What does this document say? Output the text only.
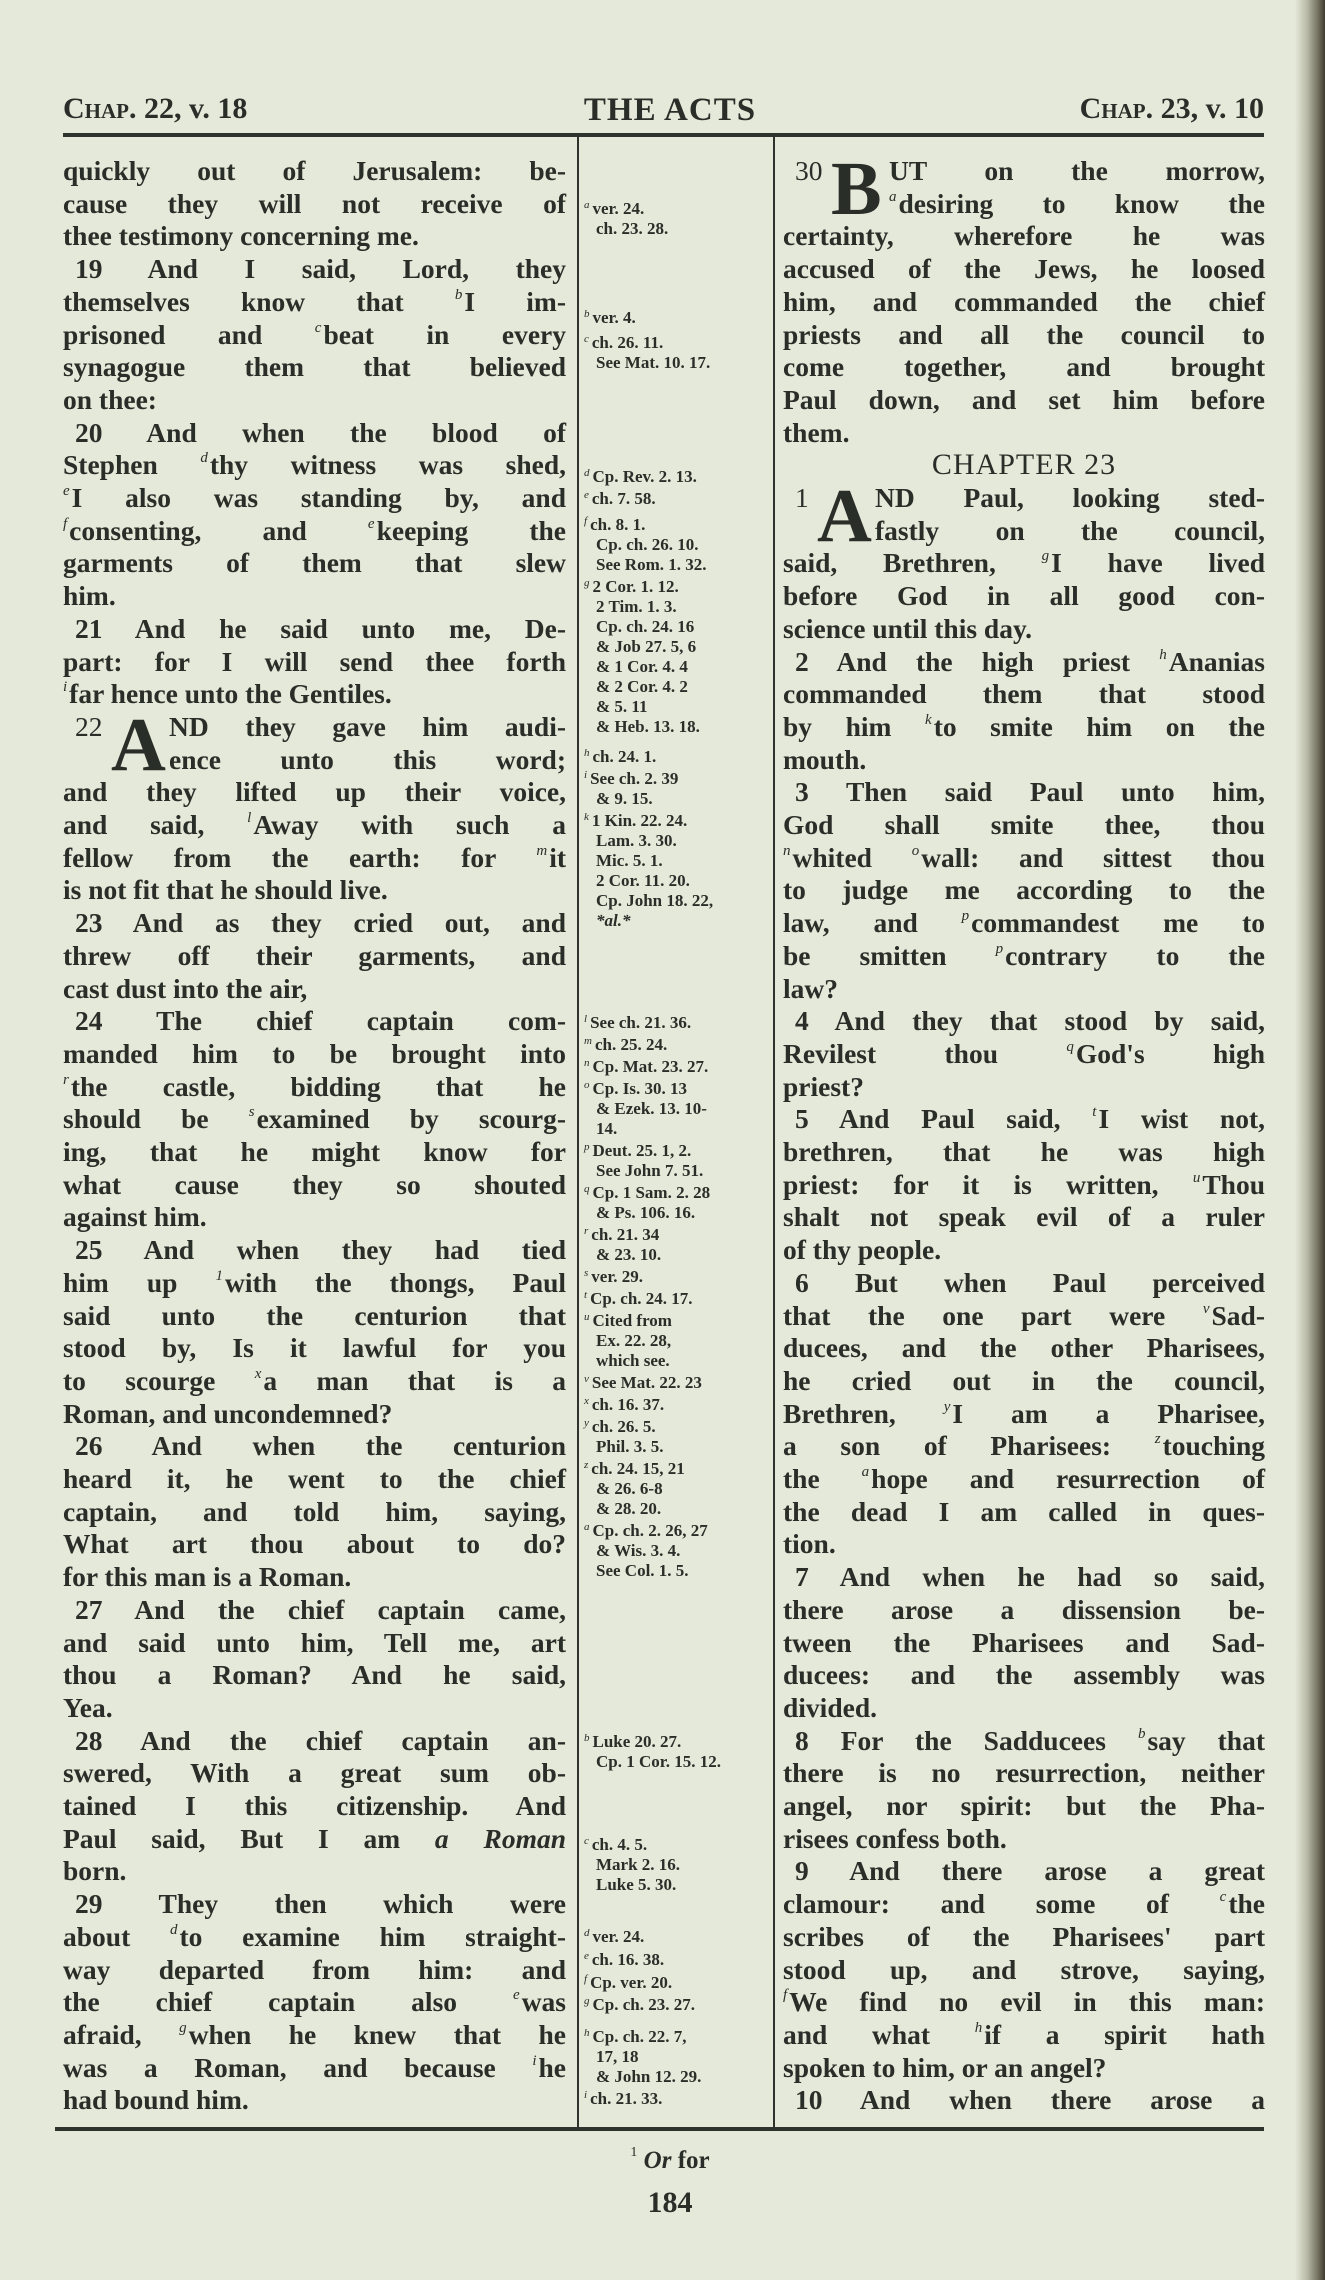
Chap. 22, v. 18	THE ACTS	Chap. 23, v. 10
quickly out of Jerusalem: be-
cause they will not receive of
thee testimony concerning me.
19 And I said, Lord, they
themselves know that $^b$I im-
prisoned and $^c$beat in every
synagogue them that believed
on thee:
20 And when the blood of
Stephen $^d$thy witness was shed,
$^e$I also was standing by, and
$^f$consenting, and $^e$keeping the
garments of them that slew
him.
21 And he said unto me, De-
part: for I will send thee forth
$^i$far hence unto the Gentiles.
22 A ND they gave him audi-
ence unto this word;
and they lifted up their voice,
and said, $^l$Away with such a
fellow from the earth: for $^m$it
is not fit that he should live.
23 And as they cried out, and
threw off their garments, and
cast dust into the air,
24 The chief captain com-
manded him to be brought into
$^r$the castle, bidding that he
should be $^s$examined by scourg-
ing, that he might know for
what cause they so shouted
against him.
25 And when they had tied
him up $^1$with the thongs, Paul
said unto the centurion that
stood by, Is it lawful for you
to scourge $^x$a man that is a
Roman, and uncondemned?
26 And when the centurion
heard it, he went to the chief
captain, and told him, saying,
What art thou about to do?
for this man is a Roman.
27 And the chief captain came,
and said unto him, Tell me, art
thou a Roman? And he said,
Yea.
28 And the chief captain an-
swered, With a great sum ob-
tained I this citizenship. And
Paul said, But I am a Roman
born.
29 They then which were
about $^d$to examine him straight-
way departed from him: and
the chief captain also $^e$was
afraid, $^g$when he knew that he
was a Roman, and because $^i$he
had bound him.
30 B UT on the morrow,
$^a$desiring to know the
certainty, wherefore he was
accused of the Jews, he loosed
him, and commanded the chief
priests and all the council to
come together, and brought
Paul down, and set him before
them.
CHAPTER 23
1 A ND Paul, looking sted-
fastly on the council,
said, Brethren, $^g$I have lived
before God in all good con-
science until this day.
2 And the high priest $^h$Ananias
commanded them that stood
by him $^k$to smite him on the
mouth.
3 Then said Paul unto him,
God shall smite thee, thou
$^n$whited $^o$wall: and sittest thou
to judge me according to the
law, and $^p$commandest me to
be smitten $^p$contrary to the
law?
4 And they that stood by said,
Revilest thou $^q$God's high
priest?
5 And Paul said, $^t$I wist not,
brethren, that he was high
priest: for it is written, $^u$Thou
shalt not speak evil of a ruler
of thy people.
6 But when Paul perceived
that the one part were $^v$Sad-
ducees, and the other Pharisees,
he cried out in the council,
Brethren, $^y$I am a Pharisee,
a son of Pharisees: $^z$touching
the $^a$hope and resurrection of
the dead I am called in ques-
tion.
7 And when he had so said,
there arose a dissension be-
tween the Pharisees and Sad-
ducees: and the assembly was
divided.
8 For the Sadducees $^b$say that
there is no resurrection, neither
angel, nor spirit: but the Pha-
risees confess both.
9 And there arose a great
clamour: and some of $^c$the
scribes of the Pharisees' part
stood up, and strove, saying,
$^f$We find no evil in this man:
and what $^h$if a spirit hath
spoken to him, or an angel?
10 And when there arose a
$^a$ ver. 24.
ch. 23. 28.
$^b$ ver. 4.
$^c$ ch. 26. 11.
See Mat. 10. 17.
$^d$ Cp. Rev. 2. 13.
$^e$ ch. 7. 58.
$^f$ ch. 8. 1.
Cp. ch. 26. 10.
See Rom. 1. 32.
$^g$ 2 Cor. 1. 12.
2 Tim. 1. 3.
Cp. ch. 24. 16
& Job 27. 5, 6
& 1 Cor. 4. 4
& 2 Cor. 4. 2
& 5. 11
& Heb. 13. 18.
$^h$ ch. 24. 1.
$^i$ See ch. 2. 39
& 9. 15.
$^k$ 1 Kin. 22. 24.
Lam. 3. 30.
Mic. 5. 1.
2 Cor. 11. 20.
Cp. John 18. 22,
*al.*
$^l$ See ch. 21. 36.
$^m$ ch. 25. 24.
$^n$ Cp. Mat. 23. 27.
$^o$ Cp. Is. 30. 13
& Ezek. 13. 10-
14.
$^p$ Deut. 25. 1, 2.
See John 7. 51.
$^q$ Cp. 1 Sam. 2. 28
& Ps. 106. 16.
$^r$ ch. 21. 34
& 23. 10.
$^s$ ver. 29.
$^t$ Cp. ch. 24. 17.
$^u$ Cited from
Ex. 22. 28,
which see.
$^v$ See Mat. 22. 23
$^x$ ch. 16. 37.
$^y$ ch. 26. 5.
Phil. 3. 5.
$^z$ ch. 24. 15, 21
& 26. 6-8
& 28. 20.
$^a$ Cp. ch. 2. 26, 27
& Wis. 3. 4.
See Col. 1. 5.
$^b$ Luke 20. 27.
Cp. 1 Cor. 15. 12.
$^c$ ch. 4. 5.
Mark 2. 16.
Luke 5. 30.
$^d$ ver. 24.
$^e$ ch. 16. 38.
$^f$ Cp. ver. 20.
$^g$ Cp. ch. 23. 27.
$^h$ Cp. ch. 22. 7,
17, 18
& John 12. 29.
$^i$ ch. 21. 33.
$^1$ Or for
184
